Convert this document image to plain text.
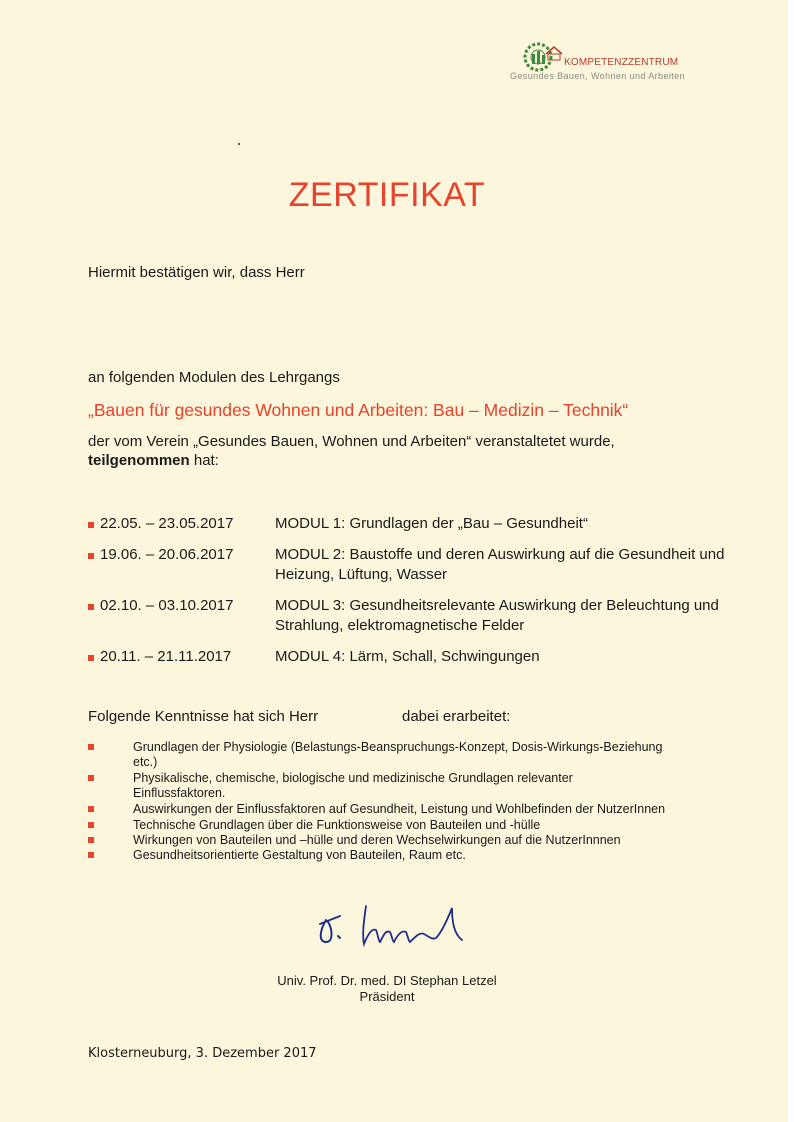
KOMPETENZZENTRUM
Gesundes Bauen, Wohnen und Arbeiten
ZERTIFIKAT
Hiermit bestätigen wir, dass Herr
an folgenden Modulen des Lehrgangs
„Bauen für gesundes Wohnen und Arbeiten: Bau – Medizin – Technik“
der vom Verein „Gesundes Bauen, Wohnen und Arbeiten“ veranstaltetet wurde,
teilgenommen hat:
22.05. – 23.05.2017	MODUL 1: Grundlagen der „Bau – Gesundheit“
19.06. – 20.06.2017	MODUL 2: Baustoffe und deren Auswirkung auf die Gesundheit und Heizung, Lüftung, Wasser
02.10. – 03.10.2017	MODUL 3: Gesundheitsrelevante Auswirkung der Beleuchtung und Strahlung, elektromagnetische Felder
20.11. – 21.11.2017	MODUL 4: Lärm, Schall, Schwingungen
Folgende Kenntnisse hat sich Herr	dabei erarbeitet:
Grundlagen der Physiologie (Belastungs-Beanspruchungs-Konzept, Dosis-Wirkungs-Beziehung etc.)
Physikalische, chemische, biologische und medizinische Grundlagen relevanter Einflussfaktoren.
Auswirkungen der Einflussfaktoren auf Gesundheit, Leistung und Wohlbefinden der NutzerInnen
Technische Grundlagen über die Funktionsweise von Bauteilen und -hülle
Wirkungen von Bauteilen und –hülle und deren Wechselwirkungen auf die NutzerInnnen
Gesundheitsorientierte Gestaltung von Bauteilen, Raum etc.
Univ. Prof. Dr. med. DI Stephan Letzel
Präsident
Klosterneuburg, 3. Dezember 2017
